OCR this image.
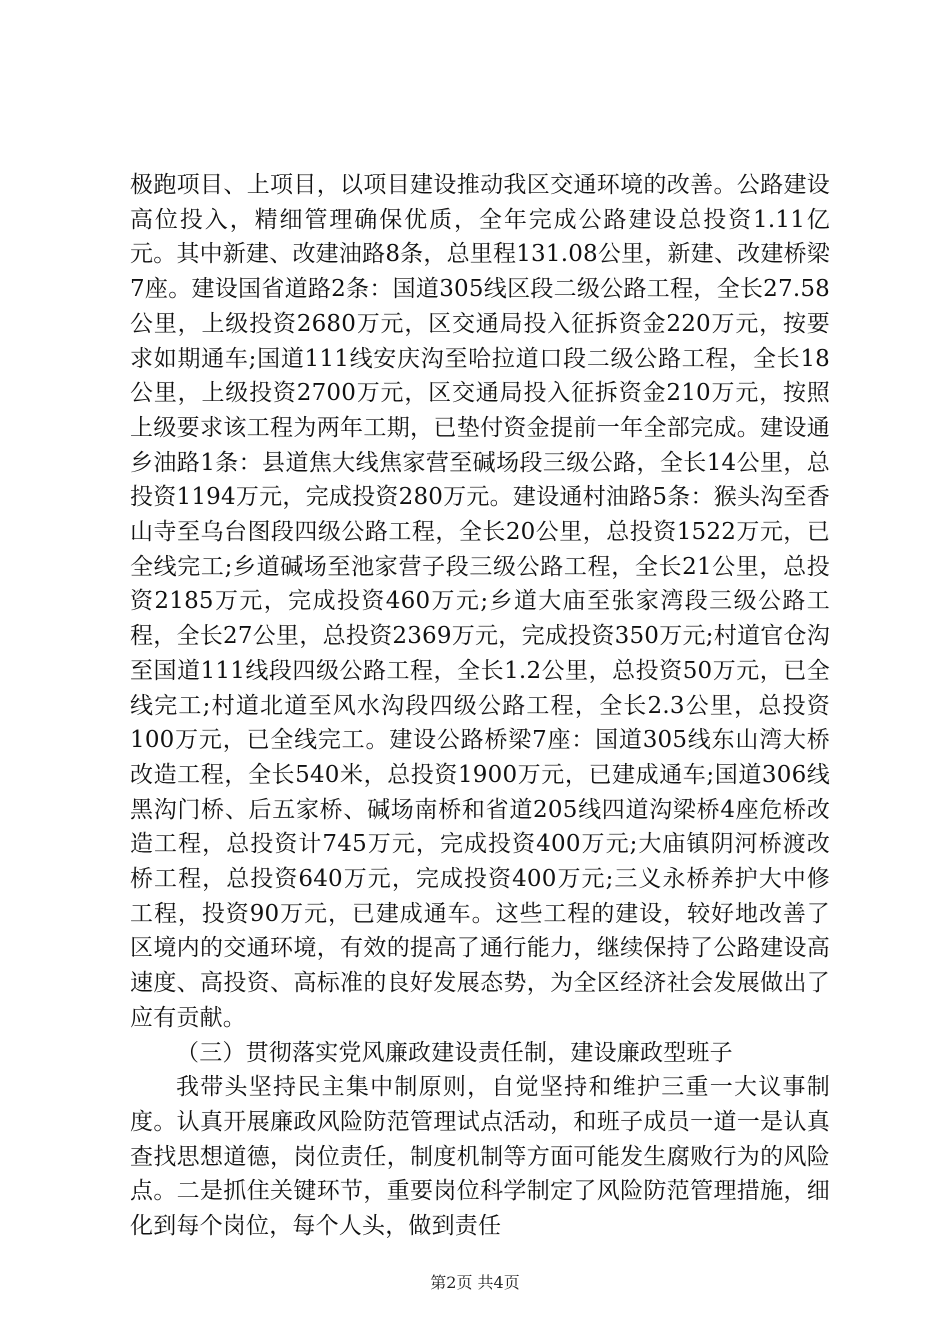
极跑项目、上项目，以项目建设推动我区交通环境的改善。公路建设高位投入，精细管理确保优质，全年完成公路建设总投资1.11亿元。其中新建、改建油路8条，总里程131.08公里，新建、改建桥梁7座。建设国省道路2条：国道305线区段二级公路工程，全长27.58公里，上级投资2680万元，区交通局投入征拆资金220万元，按要求如期通车;国道111线安庆沟至哈拉道口段二级公路工程，全长18公里，上级投资2700万元，区交通局投入征拆资金210万元，按照上级要求该工程为两年工期，已垫付资金提前一年全部完成。建设通乡油路1条：县道焦大线焦家营至碱场段三级公路，全长14公里，总投资1194万元，完成投资280万元。建设通村油路5条：猴头沟至香山寺至乌台图段四级公路工程，全长20公里，总投资1522万元，已全线完工;乡道碱场至池家营子段三级公路工程，全长21公里，总投资2185万元，完成投资460万元;乡道大庙至张家湾段三级公路工程，全长27公里，总投资2369万元，完成投资350万元;村道官仓沟至国道111线段四级公路工程，全长1.2公里，总投资50万元，已全线完工;村道北道至风水沟段四级公路工程，全长2.3公里，总投资100万元，已全线完工。建设公路桥梁7座：国道305线东山湾大桥改造工程，全长540米，总投资1900万元，已建成通车;国道306线黑沟门桥、后五家桥、碱场南桥和省道205线四道沟梁桥4座危桥改造工程，总投资计745万元，完成投资400万元;大庙镇阴河桥渡改桥工程，总投资640万元，完成投资400万元;三义永桥养护大中修工程，投资90万元，已建成通车。这些工程的建设，较好地改善了区境内的交通环境，有效的提高了通行能力，继续保持了公路建设高速度、高投资、高标准的良好发展态势，为全区经济社会发展做出了应有贡献。

（三）贯彻落实党风廉政建设责任制，建设廉政型班子

我带头坚持民主集中制原则，自觉坚持和维护三重一大议事制度。认真开展廉政风险防范管理试点活动，和班子成员一道一是认真查找思想道德，岗位责任，制度机制等方面可能发生腐败行为的风险点。二是抓住关键环节，重要岗位科学制定了风险防范管理措施，细化到每个岗位，每个人头，做到责任

第2页 共4页
